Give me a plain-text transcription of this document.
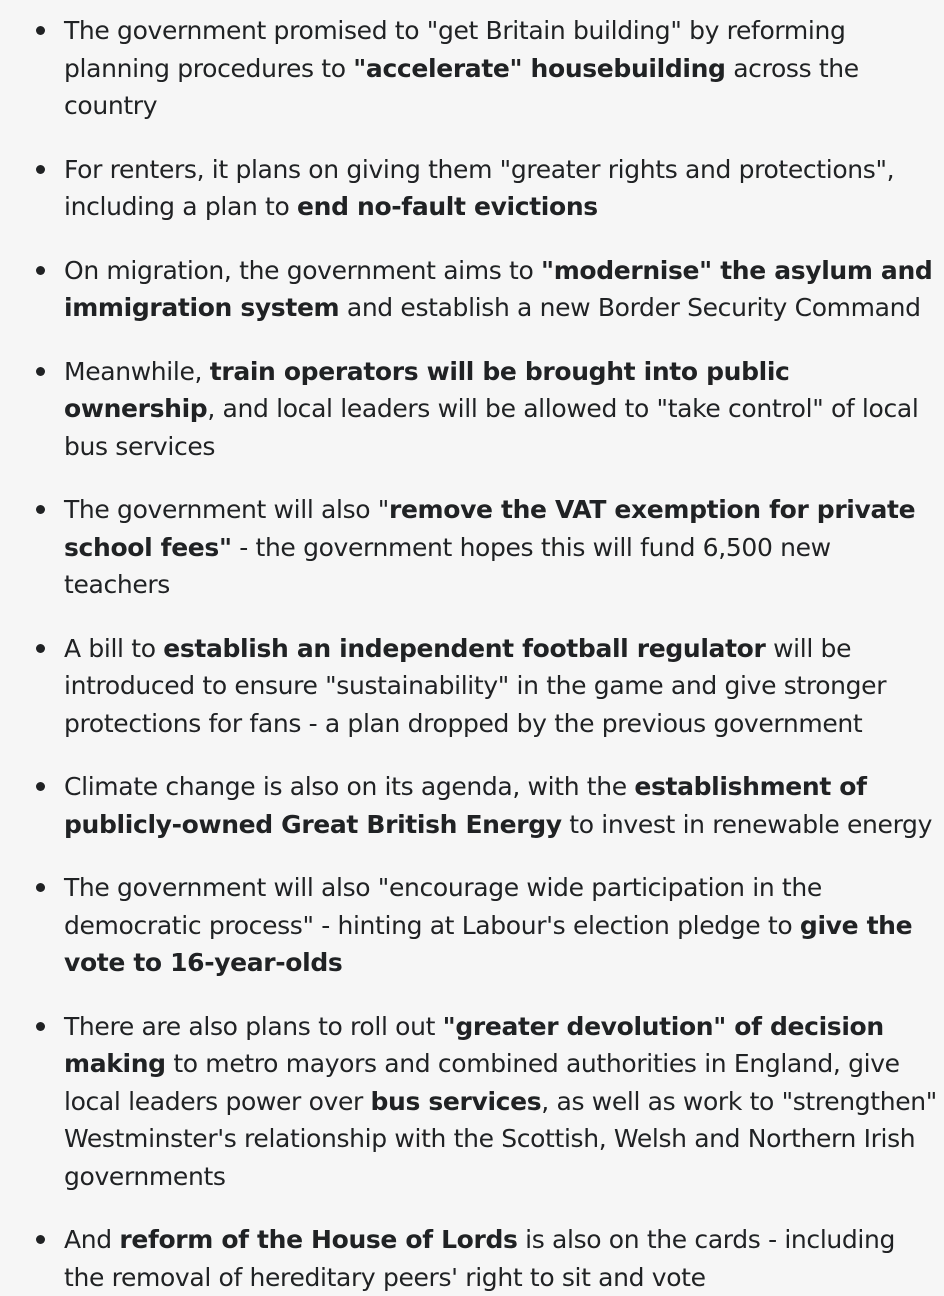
The government promised to "get Britain building" by reforming planning procedures to "accelerate" housebuilding across the country
For renters, it plans on giving them "greater rights and protections", including a plan to end no-fault evictions
On migration, the government aims to "modernise" the asylum and immigration system and establish a new Border Security Command
Meanwhile, train operators will be brought into public ownership, and local leaders will be allowed to "take control" of local bus services
The government will also "remove the VAT exemption for private school fees" - the government hopes this will fund 6,500 new teachers
A bill to establish an independent football regulator will be introduced to ensure "sustainability" in the game and give stronger protections for fans - a plan dropped by the previous government
Climate change is also on its agenda, with the establishment of publicly-owned Great British Energy to invest in renewable energy
The government will also "encourage wide participation in the democratic process" - hinting at Labour's election pledge to give the vote to 16-year-olds
There are also plans to roll out "greater devolution" of decision making to metro mayors and combined authorities in England, give local leaders power over bus services, as well as work to "strengthen" Westminster's relationship with the Scottish, Welsh and Northern Irish governments
And reform of the House of Lords is also on the cards - including the removal of hereditary peers' right to sit and vote
